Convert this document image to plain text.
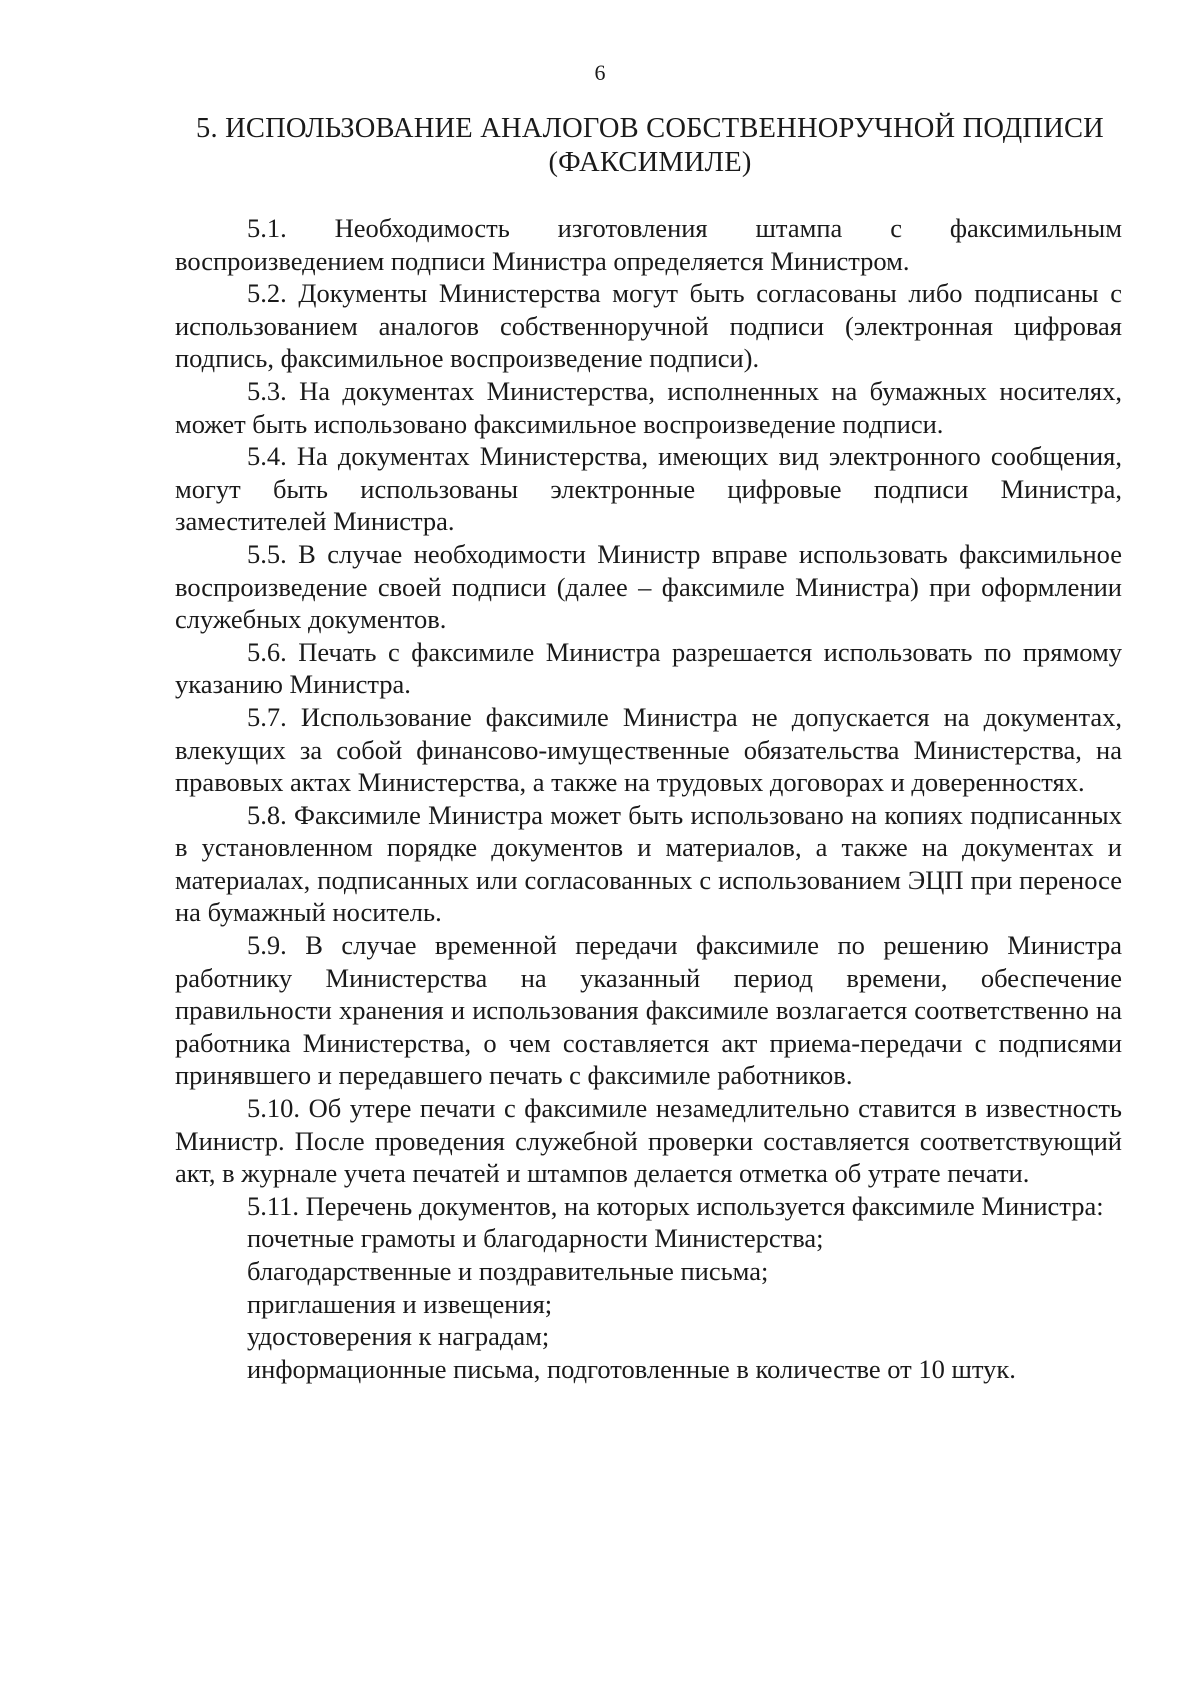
6
5. ИСПОЛЬЗОВАНИЕ АНАЛОГОВ СОБСТВЕННОРУЧНОЙ ПОДПИСИ (ФАКСИМИЛЕ)

5.1. Необходимость изготовления штампа с факсимильным воспроизведением подписи Министра определяется Министром.

5.2. Документы Министерства могут быть согласованы либо подписаны с использованием аналогов собственноручной подписи (электронная цифровая подпись, факсимильное воспроизведение подписи).

5.3. На документах Министерства, исполненных на бумажных носителях, может быть использовано факсимильное воспроизведение подписи.

5.4. На документах Министерства, имеющих вид электронного сообщения, могут быть использованы электронные цифровые подписи Министра, заместителей Министра.

5.5. В случае необходимости Министр вправе использовать факсимильное воспроизведение своей подписи (далее – факсимиле Министра) при оформлении служебных документов.

5.6. Печать с факсимиле Министра разрешается использовать по прямому указанию Министра.

5.7. Использование факсимиле Министра не допускается на документах, влекущих за собой финансово-имущественные обязательства Министерства, на правовых актах Министерства, а также на трудовых договорах и доверенностях.

5.8. Факсимиле Министра может быть использовано на копиях подписанных в установленном порядке документов и материалов, а также на документах и материалах, подписанных или согласованных с использованием ЭЦП при переносе на бумажный носитель.

5.9. В случае временной передачи факсимиле по решению Министра работнику Министерства на указанный период времени, обеспечение правильности хранения и использования факсимиле возлагается соответственно на работника Министерства, о чем составляется акт приема-передачи с подписями принявшего и передавшего печать с факсимиле работников.

5.10. Об утере печати с факсимиле незамедлительно ставится в известность Министр. После проведения служебной проверки составляется соответствующий акт, в журнале учета печатей и штампов делается отметка об утрате печати.

5.11. Перечень документов, на которых используется факсимиле Министра:

почетные грамоты и благодарности Министерства;
благодарственные и поздравительные письма;
приглашения и извещения;
удостоверения к наградам;
информационные письма, подготовленные в количестве от 10 штук.
